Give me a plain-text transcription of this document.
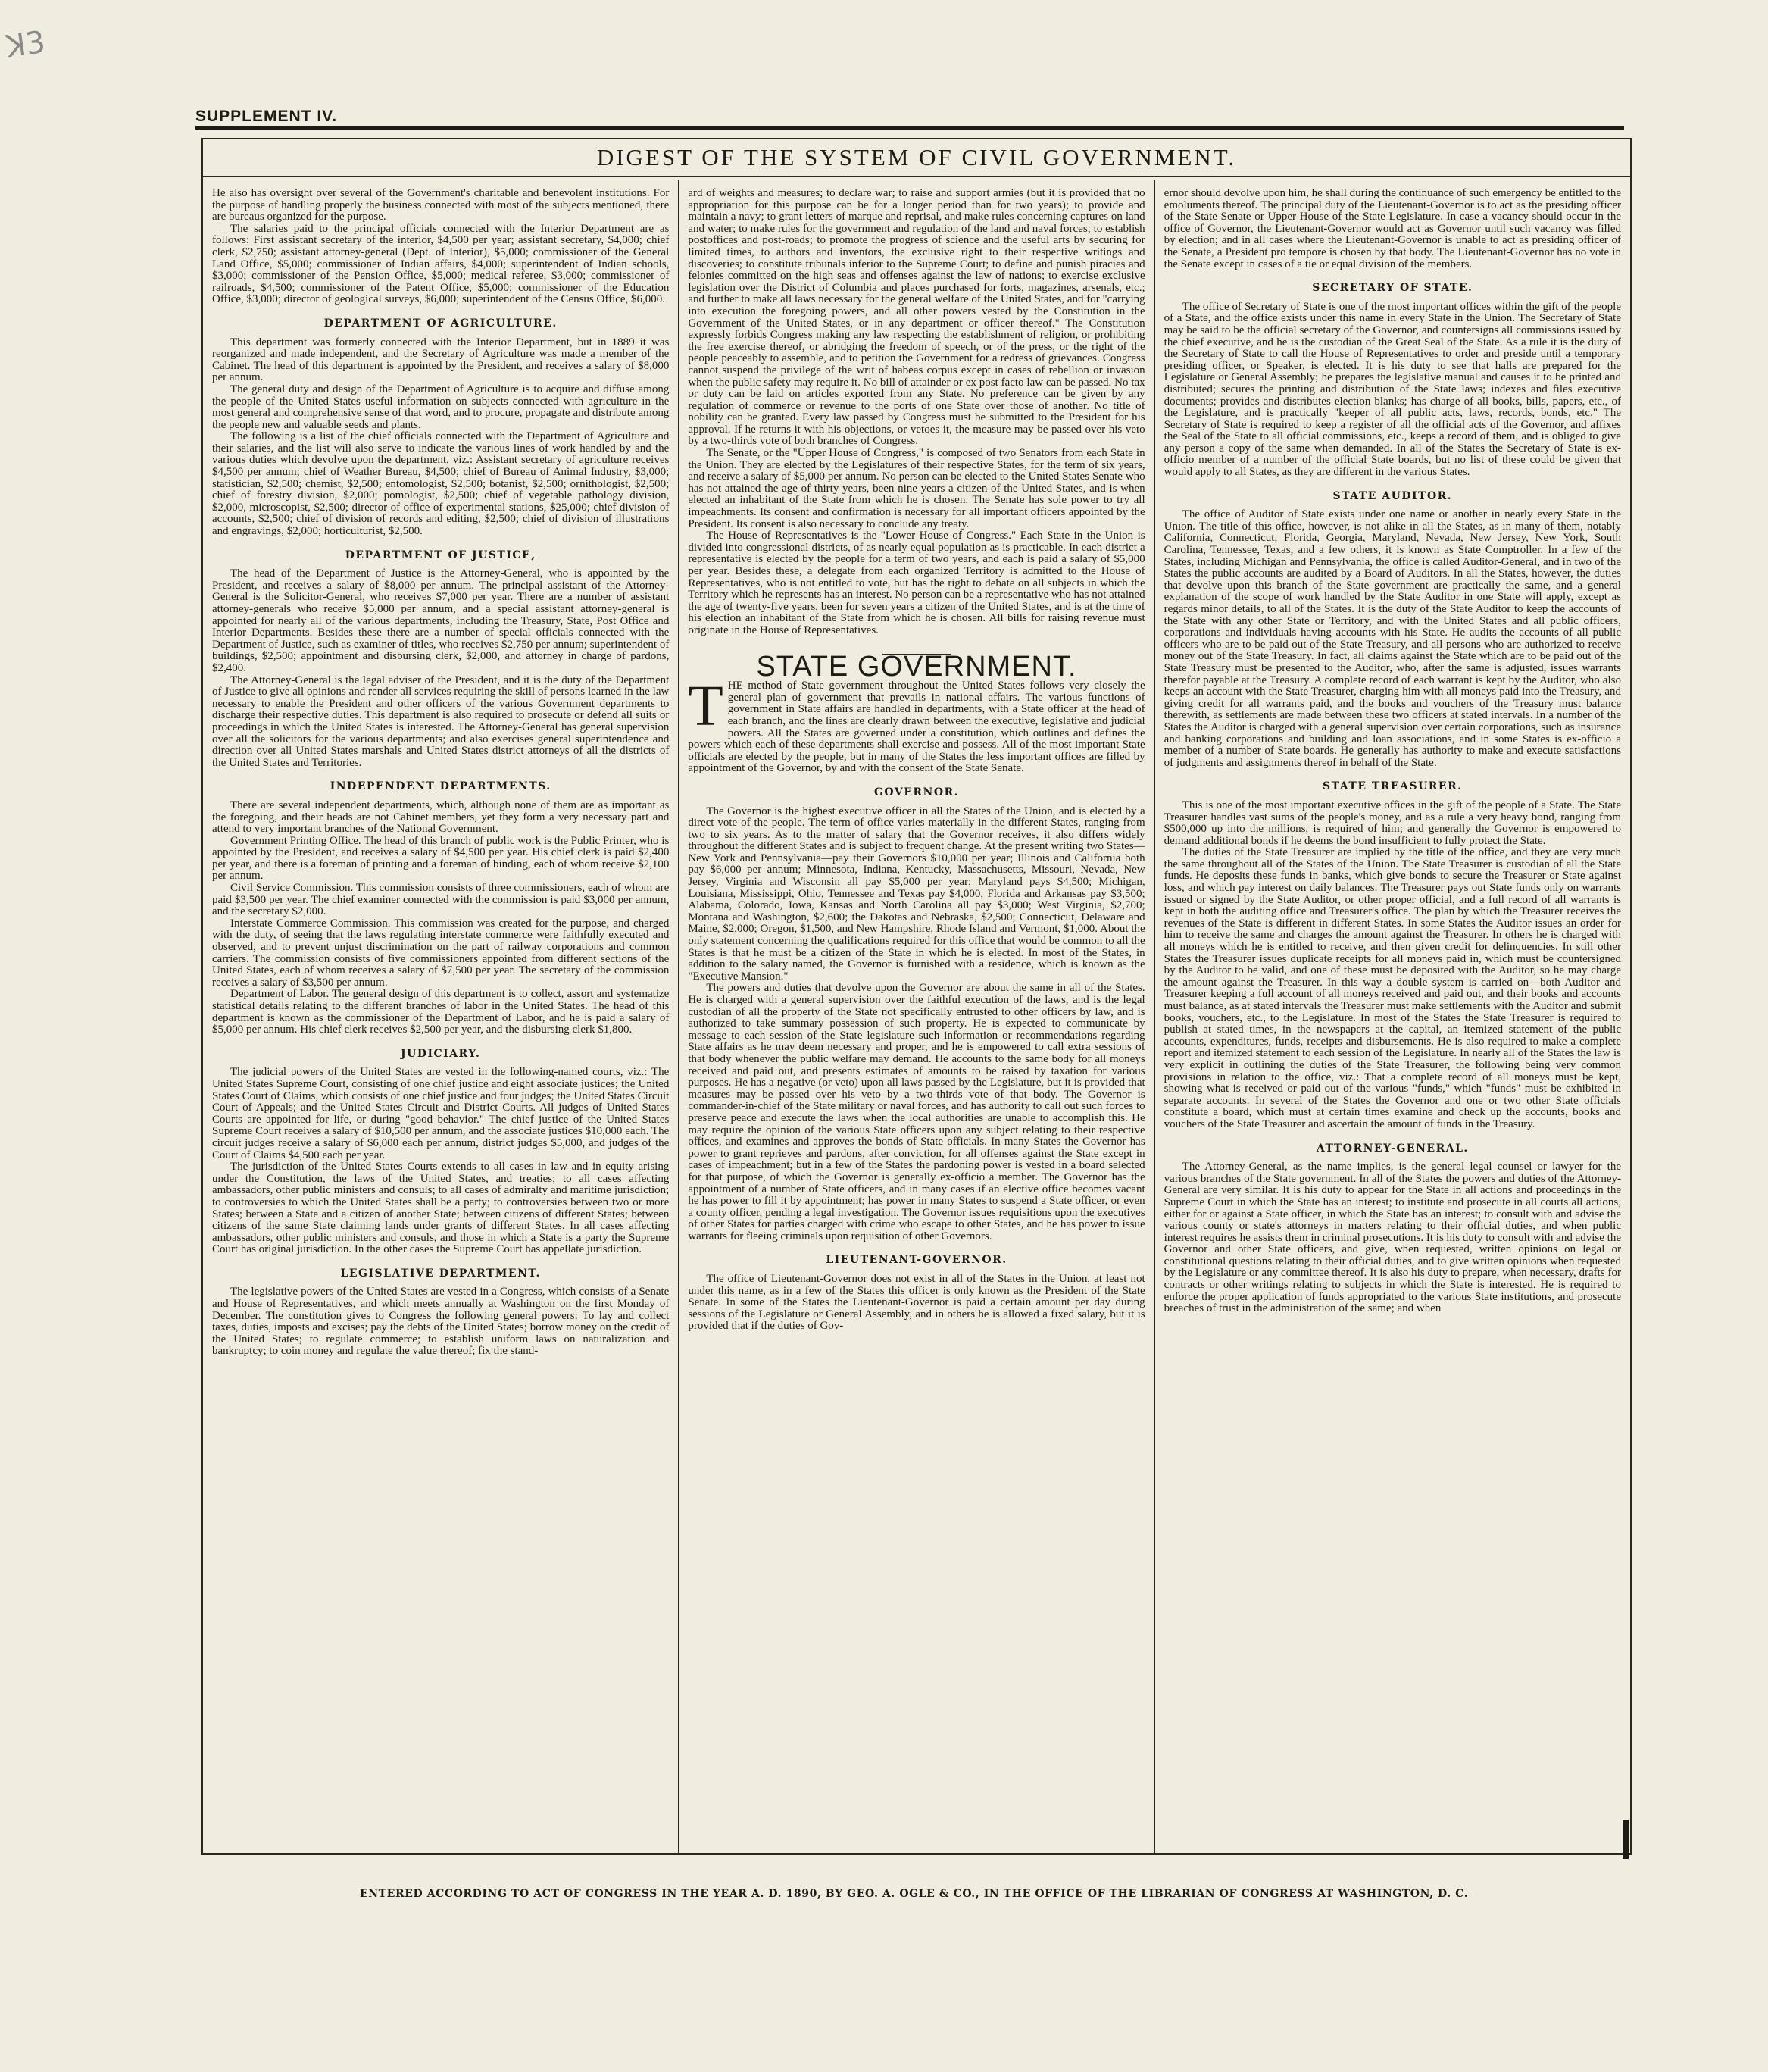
ꓘ3
SUPPLEMENT IV.
DIGEST OF THE SYSTEM OF CIVIL GOVERNMENT.

He also has oversight over several of the Government's charitable and benevolent institutions. For the purpose of handling properly the business connected with most of the subjects mentioned, there are bureaus organized for the purpose.

The salaries paid to the principal officials connected with the Interior Department are as follows: First assistant secretary of the interior, $4,500 per year; assistant secretary, $4,000; chief clerk, $2,750; assistant attorney-general (Dept. of Interior), $5,000; commissioner of the General Land Office, $5,000; commissioner of Indian affairs, $4,000; superintendent of Indian schools, $3,000; commissioner of the Pension Office, $5,000; medical referee, $3,000; commissioner of railroads, $4,500; commissioner of the Patent Office, $5,000; commissioner of the Education Office, $3,000; director of geological surveys, $6,000; superintendent of the Census Office, $6,000.

DEPARTMENT OF AGRICULTURE.

This department was formerly connected with the Interior Department, but in 1889 it was reorganized and made independent, and the Secretary of Agriculture was made a member of the Cabinet. The head of this department is appointed by the President, and receives a salary of $8,000 per annum.

The general duty and design of the Department of Agriculture is to acquire and diffuse among the people of the United States useful information on subjects connected with agriculture in the most general and comprehensive sense of that word, and to procure, propagate and distribute among the people new and valuable seeds and plants.

The following is a list of the chief officials connected with the Department of Agriculture and their salaries, and the list will also serve to indicate the various lines of work handled by and the various duties which devolve upon the department, viz.: Assistant secretary of agriculture receives $4,500 per annum; chief of Weather Bureau, $4,500; chief of Bureau of Animal Industry, $3,000; statistician, $2,500; chemist, $2,500; entomologist, $2,500; botanist, $2,500; ornithologist, $2,500; chief of forestry division, $2,000; pomologist, $2,500; chief of vegetable pathology division, $2,000, microscopist, $2,500; director of office of experimental stations, $25,000; chief division of accounts, $2,500; chief of division of records and editing, $2,500; chief of division of illustrations and engravings, $2,000; horticulturist, $2,500.

DEPARTMENT OF JUSTICE,

The head of the Department of Justice is the Attorney-General, who is appointed by the President, and receives a salary of $8,000 per annum. The principal assistant of the Attorney-General is the Solicitor-General, who receives $7,000 per year. There are a number of assistant attorney-generals who receive $5,000 per annum, and a special assistant attorney-general is appointed for nearly all of the various departments, including the Treasury, State, Post Office and Interior Departments. Besides these there are a number of special officials connected with the Department of Justice, such as examiner of titles, who receives $2,750 per annum; superintendent of buildings, $2,500; appointment and disbursing clerk, $2,000, and attorney in charge of pardons, $2,400.

The Attorney-General is the legal adviser of the President, and it is the duty of the Department of Justice to give all opinions and render all services requiring the skill of persons learned in the law necessary to enable the President and other officers of the various Government departments to discharge their respective duties. This department is also required to prosecute or defend all suits or proceedings in which the United States is interested. The Attorney-General has general supervision over all the solicitors for the various departments; and also exercises general superintendence and direction over all United States marshals and United States district attorneys of all the districts of the United States and Territories.

INDEPENDENT DEPARTMENTS.

There are several independent departments, which, although none of them are as important as the foregoing, and their heads are not Cabinet members, yet they form a very necessary part and attend to very important branches of the National Government.

Government Printing Office. The head of this branch of public work is the Public Printer, who is appointed by the President, and receives a salary of $4,500 per year. His chief clerk is paid $2,400 per year, and there is a foreman of printing and a foreman of binding, each of whom receive $2,100 per annum.

Civil Service Commission. This commission consists of three commissioners, each of whom are paid $3,500 per year. The chief examiner connected with the commission is paid $3,000 per annum, and the secretary $2,000.

Interstate Commerce Commission. This commission was created for the purpose, and charged with the duty, of seeing that the laws regulating interstate commerce were faithfully executed and observed, and to prevent unjust discrimination on the part of railway corporations and common carriers. The commission consists of five commissioners appointed from different sections of the United States, each of whom receives a salary of $7,500 per year. The secretary of the commission receives a salary of $3,500 per annum.

Department of Labor. The general design of this department is to collect, assort and systematize statistical details relating to the different branches of labor in the United States. The head of this department is known as the commissioner of the Department of Labor, and he is paid a salary of $5,000 per annum. His chief clerk receives $2,500 per year, and the disbursing clerk $1,800.

JUDICIARY.

The judicial powers of the United States are vested in the following-named courts, viz.: The United States Supreme Court, consisting of one chief justice and eight associate justices; the United States Court of Claims, which consists of one chief justice and four judges; the United States Circuit Court of Appeals; and the United States Circuit and District Courts. All judges of United States Courts are appointed for life, or during "good behavior." The chief justice of the United States Supreme Court receives a salary of $10,500 per annum, and the associate justices $10,000 each. The circuit judges receive a salary of $6,000 each per annum, district judges $5,000, and judges of the Court of Claims $4,500 each per year.

The jurisdiction of the United States Courts extends to all cases in law and in equity arising under the Constitution, the laws of the United States, and treaties; to all cases affecting ambassadors, other public ministers and consuls; to all cases of admiralty and maritime jurisdiction; to controversies to which the United States shall be a party; to controversies between two or more States; between a State and a citizen of another State; between citizens of different States; between citizens of the same State claiming lands under grants of different States. In all cases affecting ambassadors, other public ministers and consuls, and those in which a State is a party the Supreme Court has original jurisdiction. In the other cases the Supreme Court has appellate jurisdiction.

LEGISLATIVE DEPARTMENT.

The legislative powers of the United States are vested in a Congress, which consists of a Senate and House of Representatives, and which meets annually at Washington on the first Monday of December. The constitution gives to Congress the following general powers: To lay and collect taxes, duties, imposts and excises; pay the debts of the United States; borrow money on the credit of the United States; to regulate commerce; to establish uniform laws on naturalization and bankruptcy; to coin money and regulate the value thereof; fix the stand-

ard of weights and measures; to declare war; to raise and support armies (but it is provided that no appropriation for this purpose can be for a longer period than for two years); to provide and maintain a navy; to grant letters of marque and reprisal, and make rules concerning captures on land and water; to make rules for the government and regulation of the land and naval forces; to establish postoffices and post-roads; to promote the progress of science and the useful arts by securing for limited times, to authors and inventors, the exclusive right to their respective writings and discoveries; to constitute tribunals inferior to the Supreme Court; to define and punish piracies and felonies committed on the high seas and offenses against the law of nations; to exercise exclusive legislation over the District of Columbia and places purchased for forts, magazines, arsenals, etc.; and further to make all laws necessary for the general welfare of the United States, and for "carrying into execution the foregoing powers, and all other powers vested by the Constitution in the Government of the United States, or in any department or officer thereof." The Constitution expressly forbids Congress making any law respecting the establishment of religion, or prohibiting the free exercise thereof, or abridging the freedom of speech, or of the press, or the right of the people peaceably to assemble, and to petition the Government for a redress of grievances. Congress cannot suspend the privilege of the writ of habeas corpus except in cases of rebellion or invasion when the public safety may require it. No bill of attainder or ex post facto law can be passed. No tax or duty can be laid on articles exported from any State. No preference can be given by any regulation of commerce or revenue to the ports of one State over those of another. No title of nobility can be granted. Every law passed by Congress must be submitted to the President for his approval. If he returns it with his objections, or vetoes it, the measure may be passed over his veto by a two-thirds vote of both branches of Congress.

The Senate, or the "Upper House of Congress," is composed of two Senators from each State in the Union. They are elected by the Legislatures of their respective States, for the term of six years, and receive a salary of $5,000 per annum. No person can be elected to the United States Senate who has not attained the age of thirty years, been nine years a citizen of the United States, and is when elected an inhabitant of the State from which he is chosen. The Senate has sole power to try all impeachments. Its consent and confirmation is necessary for all important officers appointed by the President. Its consent is also necessary to conclude any treaty.

The House of Representatives is the "Lower House of Congress." Each State in the Union is divided into congressional districts, of as nearly equal population as is practicable. In each district a representative is elected by the people for a term of two years, and each is paid a salary of $5,000 per year. Besides these, a delegate from each organized Territory is admitted to the House of Representatives, who is not entitled to vote, but has the right to debate on all subjects in which the Territory which he represents has an interest. No person can be a representative who has not attained the age of twenty-five years, been for seven years a citizen of the United States, and is at the time of his election an inhabitant of the State from which he is chosen. All bills for raising revenue must originate in the House of Representatives.

STATE GOVERNMENT.

THE method of State government throughout the United States follows very closely the general plan of government that prevails in national affairs. The various functions of government in State affairs are handled in departments, with a State officer at the head of each branch, and the lines are clearly drawn between the executive, legislative and judicial powers. All the States are governed under a constitution, which outlines and defines the powers which each of these departments shall exercise and possess. All of the most important State officials are elected by the people, but in many of the States the less important offices are filled by appointment of the Governor, by and with the consent of the State Senate.

GOVERNOR.

The Governor is the highest executive officer in all the States of the Union, and is elected by a direct vote of the people. The term of office varies materially in the different States, ranging from two to six years. As to the matter of salary that the Governor receives, it also differs widely throughout the different States and is subject to frequent change. At the present writing two States—New York and Pennsylvania—pay their Governors $10,000 per year; Illinois and California both pay $6,000 per annum; Minnesota, Indiana, Kentucky, Massachusetts, Missouri, Nevada, New Jersey, Virginia and Wisconsin all pay $5,000 per year; Maryland pays $4,500; Michigan, Louisiana, Mississippi, Ohio, Tennessee and Texas pay $4,000, Florida and Arkansas pay $3,500; Alabama, Colorado, Iowa, Kansas and North Carolina all pay $3,000; West Virginia, $2,700; Montana and Washington, $2,600; the Dakotas and Nebraska, $2,500; Connecticut, Delaware and Maine, $2,000; Oregon, $1,500, and New Hampshire, Rhode Island and Vermont, $1,000. About the only statement concerning the qualifications required for this office that would be common to all the States is that he must be a citizen of the State in which he is elected. In most of the States, in addition to the salary named, the Governor is furnished with a residence, which is known as the "Executive Mansion."

The powers and duties that devolve upon the Governor are about the same in all of the States. He is charged with a general supervision over the faithful execution of the laws, and is the legal custodian of all the property of the State not specifically entrusted to other officers by law, and is authorized to take summary possession of such property. He is expected to communicate by message to each session of the State legislature such information or recommendations regarding State affairs as he may deem necessary and proper, and he is empowered to call extra sessions of that body whenever the public welfare may demand. He accounts to the same body for all moneys received and paid out, and presents estimates of amounts to be raised by taxation for various purposes. He has a negative (or veto) upon all laws passed by the Legislature, but it is provided that measures may be passed over his veto by a two-thirds vote of that body. The Governor is commander-in-chief of the State military or naval forces, and has authority to call out such forces to preserve peace and execute the laws when the local authorities are unable to accomplish this. He may require the opinion of the various State officers upon any subject relating to their respective offices, and examines and approves the bonds of State officials. In many States the Governor has power to grant reprieves and pardons, after conviction, for all offenses against the State except in cases of impeachment; but in a few of the States the pardoning power is vested in a board selected for that purpose, of which the Governor is generally ex-officio a member. The Governor has the appointment of a number of State officers, and in many cases if an elective office becomes vacant he has power to fill it by appointment; has power in many States to suspend a State officer, or even a county officer, pending a legal investigation. The Governor issues requisitions upon the executives of other States for parties charged with crime who escape to other States, and he has power to issue warrants for fleeing criminals upon requisition of other Governors.

LIEUTENANT-GOVERNOR.

The office of Lieutenant-Governor does not exist in all of the States in the Union, at least not under this name, as in a few of the States this officer is only known as the President of the State Senate. In some of the States the Lieutenant-Governor is paid a certain amount per day during sessions of the Legislature or General Assembly, and in others he is allowed a fixed salary, but it is provided that if the duties of Gov-

ernor should devolve upon him, he shall during the continuance of such emergency be entitled to the emoluments thereof. The principal duty of the Lieutenant-Governor is to act as the presiding officer of the State Senate or Upper House of the State Legislature. In case a vacancy should occur in the office of Governor, the Lieutenant-Governor would act as Governor until such vacancy was filled by election; and in all cases where the Lieutenant-Governor is unable to act as presiding officer of the Senate, a President pro tempore is chosen by that body. The Lieutenant-Governor has no vote in the Senate except in cases of a tie or equal division of the members.

SECRETARY OF STATE.

The office of Secretary of State is one of the most important offices within the gift of the people of a State, and the office exists under this name in every State in the Union. The Secretary of State may be said to be the official secretary of the Governor, and countersigns all commissions issued by the chief executive, and he is the custodian of the Great Seal of the State. As a rule it is the duty of the Secretary of State to call the House of Representatives to order and preside until a temporary presiding officer, or Speaker, is elected. It is his duty to see that halls are prepared for the Legislature or General Assembly; he prepares the legislative manual and causes it to be printed and distributed; secures the printing and distribution of the State laws; indexes and files executive documents; provides and distributes election blanks; has charge of all books, bills, papers, etc., of the Legislature, and is practically "keeper of all public acts, laws, records, bonds, etc." The Secretary of State is required to keep a register of all the official acts of the Governor, and affixes the Seal of the State to all official commissions, etc., keeps a record of them, and is obliged to give any person a copy of the same when demanded. In all of the States the Secretary of State is ex-officio member of a number of the official State boards, but no list of these could be given that would apply to all States, as they are different in the various States.

STATE AUDITOR.

The office of Auditor of State exists under one name or another in nearly every State in the Union. The title of this office, however, is not alike in all the States, as in many of them, notably California, Connecticut, Florida, Georgia, Maryland, Nevada, New Jersey, New York, South Carolina, Tennessee, Texas, and a few others, it is known as State Comptroller. In a few of the States, including Michigan and Pennsylvania, the office is called Auditor-General, and in two of the States the public accounts are audited by a Board of Auditors. In all the States, however, the duties that devolve upon this branch of the State government are practically the same, and a general explanation of the scope of work handled by the State Auditor in one State will apply, except as regards minor details, to all of the States. It is the duty of the State Auditor to keep the accounts of the State with any other State or Territory, and with the United States and all public officers, corporations and individuals having accounts with his State. He audits the accounts of all public officers who are to be paid out of the State Treasury, and all persons who are authorized to receive money out of the State Treasury. In fact, all claims against the State which are to be paid out of the State Treasury must be presented to the Auditor, who, after the same is adjusted, issues warrants therefor payable at the Treasury. A complete record of each warrant is kept by the Auditor, who also keeps an account with the State Treasurer, charging him with all moneys paid into the Treasury, and giving credit for all warrants paid, and the books and vouchers of the Treasury must balance therewith, as settlements are made between these two officers at stated intervals. In a number of the States the Auditor is charged with a general supervision over certain corporations, such as insurance and banking corporations and building and loan associations, and in some States is ex-officio a member of a number of State boards. He generally has authority to make and execute satisfactions of judgments and assignments thereof in behalf of the State.

STATE TREASURER.

This is one of the most important executive offices in the gift of the people of a State. The State Treasurer handles vast sums of the people's money, and as a rule a very heavy bond, ranging from $500,000 up into the millions, is required of him; and generally the Governor is empowered to demand additional bonds if he deems the bond insufficient to fully protect the State.

The duties of the State Treasurer are implied by the title of the office, and they are very much the same throughout all of the States of the Union. The State Treasurer is custodian of all the State funds. He deposits these funds in banks, which give bonds to secure the Treasurer or State against loss, and which pay interest on daily balances. The Treasurer pays out State funds only on warrants issued or signed by the State Auditor, or other proper official, and a full record of all warrants is kept in both the auditing office and Treasurer's office. The plan by which the Treasurer receives the revenues of the State is different in different States. In some States the Auditor issues an order for him to receive the same and charges the amount against the Treasurer. In others he is charged with all moneys which he is entitled to receive, and then given credit for delinquencies. In still other States the Treasurer issues duplicate receipts for all moneys paid in, which must be countersigned by the Auditor to be valid, and one of these must be deposited with the Auditor, so he may charge the amount against the Treasurer. In this way a double system is carried on—both Auditor and Treasurer keeping a full account of all moneys received and paid out, and their books and accounts must balance, as at stated intervals the Treasurer must make settlements with the Auditor and submit books, vouchers, etc., to the Legislature. In most of the States the State Treasurer is required to publish at stated times, in the newspapers at the capital, an itemized statement of the public accounts, expenditures, funds, receipts and disbursements. He is also required to make a complete report and itemized statement to each session of the Legislature. In nearly all of the States the law is very explicit in outlining the duties of the State Treasurer, the following being very common provisions in relation to the office, viz.: That a complete record of all moneys must be kept, showing what is received or paid out of the various "funds," which "funds" must be exhibited in separate accounts. In several of the States the Governor and one or two other State officials constitute a board, which must at certain times examine and check up the accounts, books and vouchers of the State Treasurer and ascertain the amount of funds in the Treasury.

ATTORNEY-GENERAL.

The Attorney-General, as the name implies, is the general legal counsel or lawyer for the various branches of the State government. In all of the States the powers and duties of the Attorney-General are very similar. It is his duty to appear for the State in all actions and proceedings in the Supreme Court in which the State has an interest; to institute and prosecute in all courts all actions, either for or against a State officer, in which the State has an interest; to consult with and advise the various county or state's attorneys in matters relating to their official duties, and when public interest requires he assists them in criminal prosecutions. It is his duty to consult with and advise the Governor and other State officers, and give, when requested, written opinions on legal or constitutional questions relating to their official duties, and to give written opinions when requested by the Legislature or any committee thereof. It is also his duty to prepare, when necessary, drafts for contracts or other writings relating to subjects in which the State is interested. He is required to enforce the proper application of funds appropriated to the various State institutions, and prosecute breaches of trust in the administration of the same; and when

ENTERED ACCORDING TO ACT OF CONGRESS IN THE YEAR A. D. 1890, BY GEO. A. OGLE & CO., IN THE OFFICE OF THE LIBRARIAN OF CONGRESS AT WASHINGTON, D. C.
